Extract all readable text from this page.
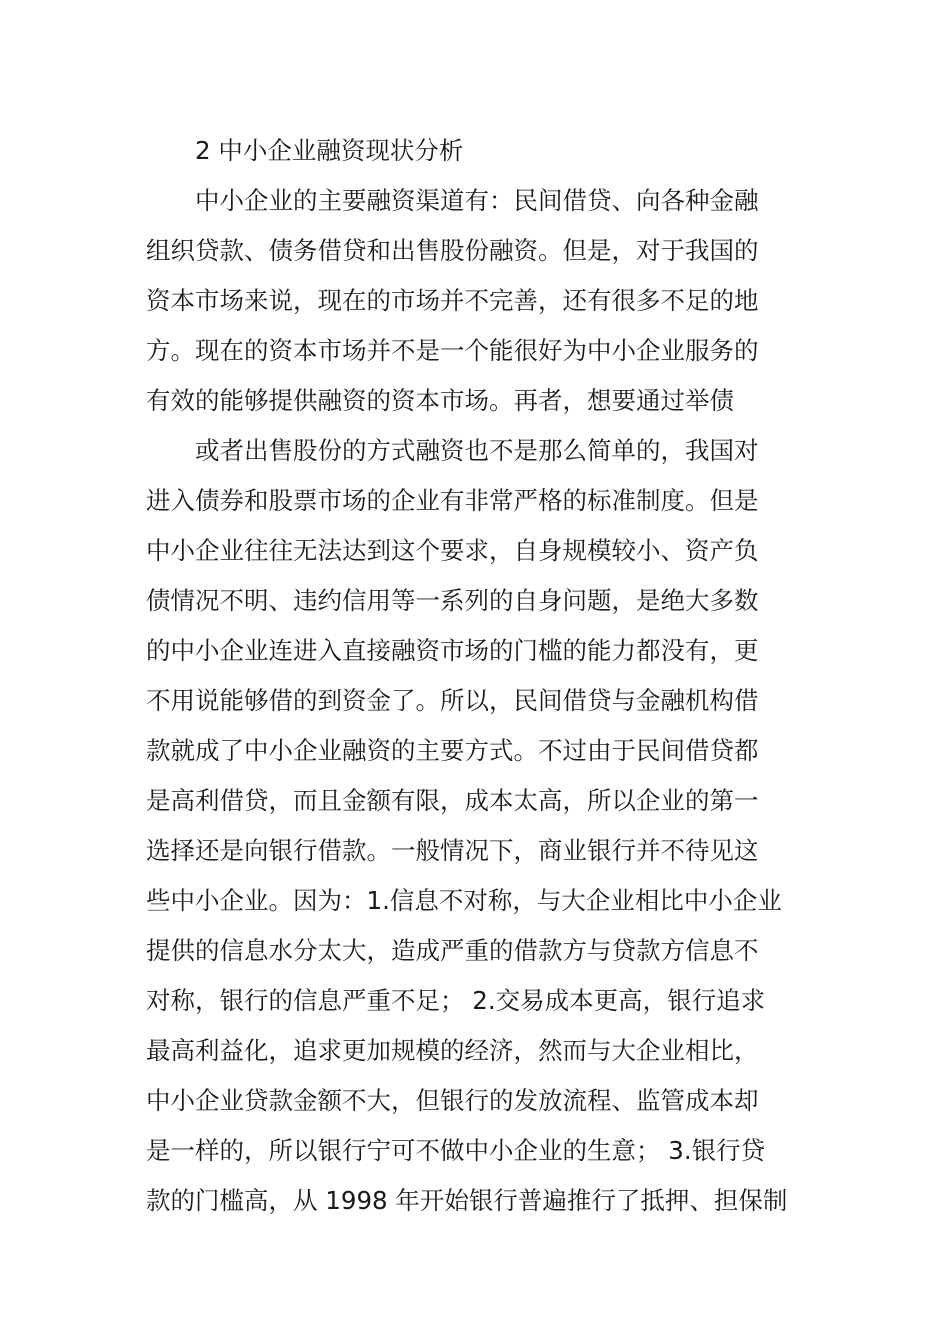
2 中小企业融资现状分析
中小企业的主要融资渠道有：民间借贷、向各种金融
组织贷款、债务借贷和出售股份融资。但是，对于我国的
资本市场来说，现在的市场并不完善，还有很多不足的地
方。现在的资本市场并不是一个能很好为中小企业服务的
有效的能够提供融资的资本市场。再者，想要通过举债
或者出售股份的方式融资也不是那么简单的，我国对
进入债券和股票市场的企业有非常严格的标准制度。但是
中小企业往往无法达到这个要求，自身规模较小、资产负
债情况不明、违约信用等一系列的自身问题，是绝大多数
的中小企业连进入直接融资市场的门槛的能力都没有，更
不用说能够借的到资金了。所以，民间借贷与金融机构借
款就成了中小企业融资的主要方式。不过由于民间借贷都
是高利借贷，而且金额有限，成本太高，所以企业的第一
选择还是向银行借款。一般情况下，商业银行并不待见这
些中小企业。因为：1.信息不对称，与大企业相比中小企业
提供的信息水分太大，造成严重的借款方与贷款方信息不
对称，银行的信息严重不足； 2.交易成本更高，银行追求
最高利益化，追求更加规模的经济，然而与大企业相比，
中小企业贷款金额不大，但银行的发放流程、监管成本却
是一样的，所以银行宁可不做中小企业的生意； 3.银行贷
款的门槛高，从 1998 年开始银行普遍推行了抵押、担保制
